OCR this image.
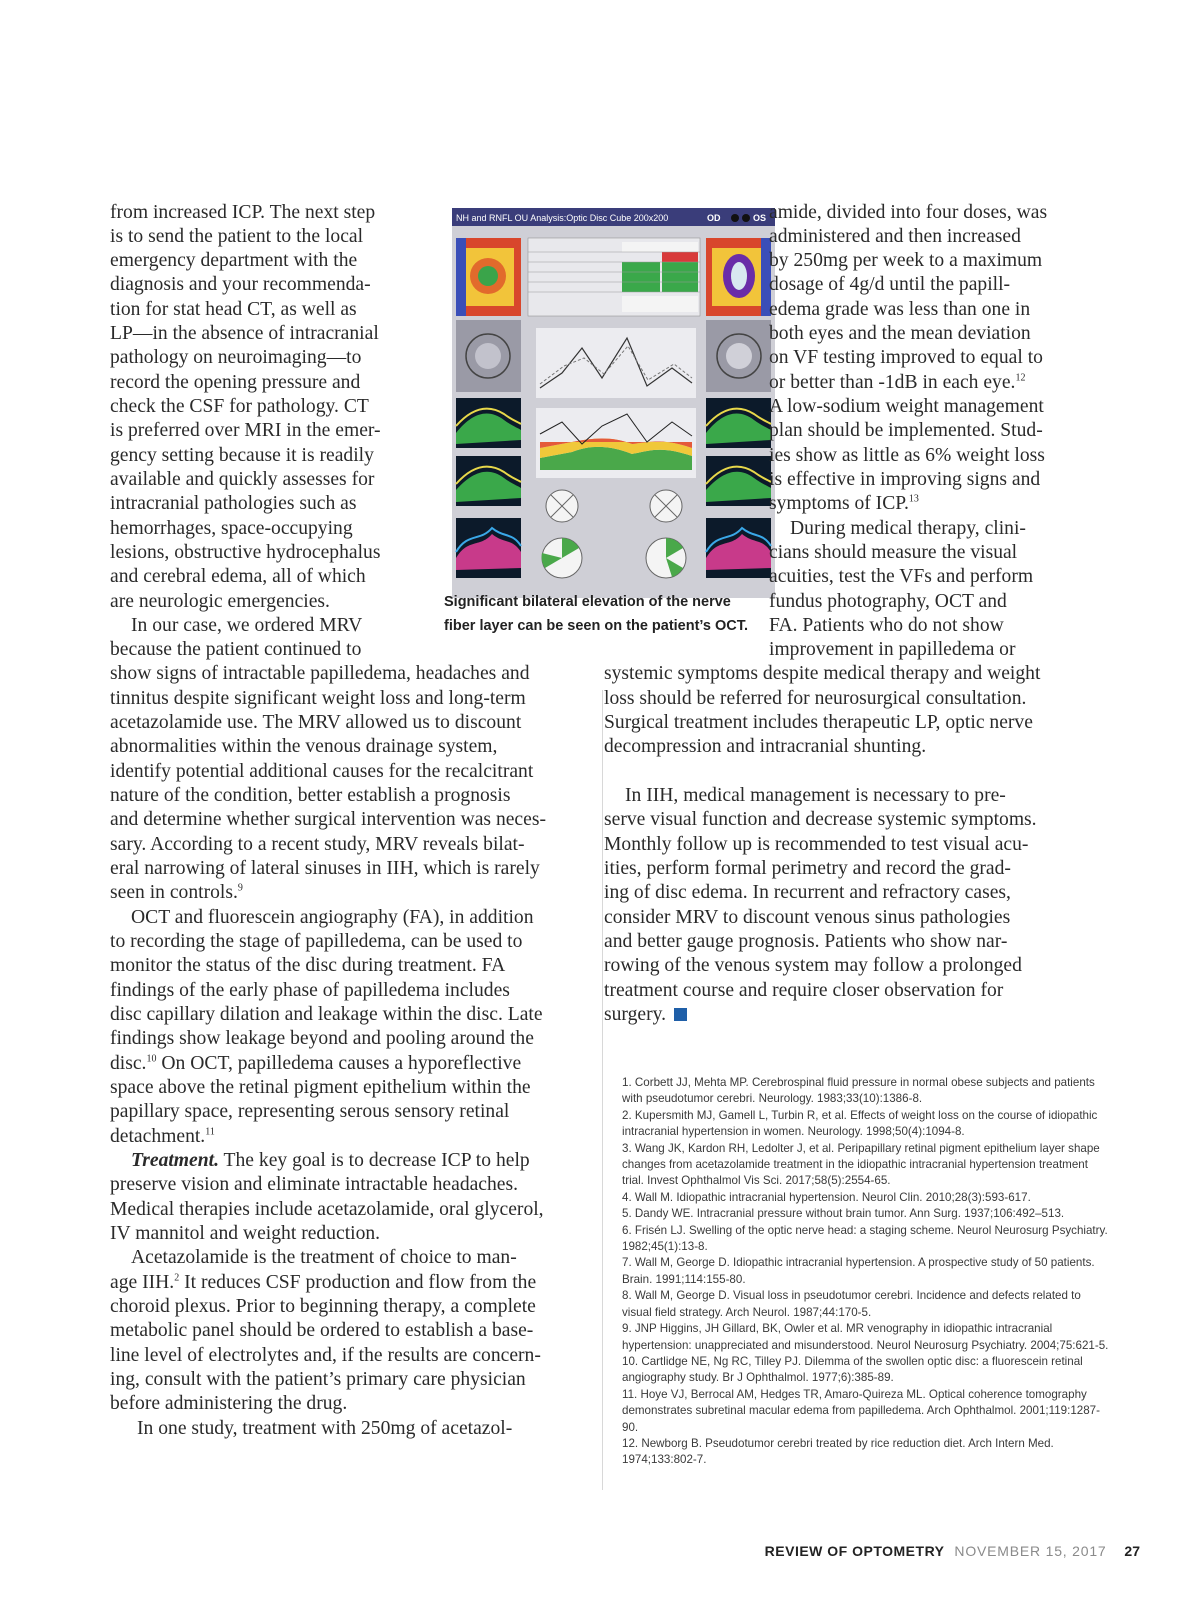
from increased ICP. The next step
is to send the patient to the local
emergency department with the
diagnosis and your recommenda-
tion for stat head CT, as well as
LP—in the absence of intracranial
pathology on neuroimaging—to
record the opening pressure and
check the CSF for pathology. CT
is preferred over MRI in the emer-
gency setting because it is readily
available and quickly assesses for
intracranial pathologies such as
hemorrhages, space-occupying
lesions, obstructive hydrocephalus
and cerebral edema, all of which
are neurologic emergencies.
In our case, we ordered MRV
because the patient continued to
show signs of intractable papilledema, headaches and
tinnitus despite significant weight loss and long-term
acetazolamide use. The MRV allowed us to discount
abnormalities within the venous drainage system,
identify potential additional causes for the recalcitrant
nature of the condition, better establish a prognosis
and determine whether surgical intervention was neces-
sary. According to a recent study, MRV reveals bilat-
eral narrowing of lateral sinuses in IIH, which is rarely
seen in controls.$^9$
OCT and fluorescein angiography (FA), in addition
to recording the stage of papilledema, can be used to
monitor the status of the disc during treatment. FA
findings of the early phase of papilledema includes
disc capillary dilation and leakage within the disc. Late
findings show leakage beyond and pooling around the
disc.$^{10}$ On OCT, papilledema causes a hyporeflective
space above the retinal pigment epithelium within the
papillary space, representing serous sensory retinal
detachment.$^{11}$
Treatment. The key goal is to decrease ICP to help
preserve vision and eliminate intractable headaches.
Medical therapies include acetazolamide, oral glycerol,
IV mannitol and weight reduction.
Acetazolamide is the treatment of choice to man-
age IIH.$^2$ It reduces CSF production and flow from the
choroid plexus. Prior to beginning therapy, a complete
metabolic panel should be ordered to establish a base-
line level of electrolytes and, if the results are concern-
ing, consult with the patient’s primary care physician
before administering the drug.
In one study, treatment with 250mg of acetazol-
NH and RNFL OU Analysis:Optic Disc Cube 200x200	OD	OS
Significant bilateral elevation of the nerve
fiber layer can be seen on the patient’s OCT.
amide, divided into four doses, was
administered and then increased
by 250mg per week to a maximum
dosage of 4g/d until the papill-
edema grade was less than one in
both eyes and the mean deviation
on VF testing improved to equal to
or better than -1dB in each eye.$^{12}$
A low-sodium weight management
plan should be implemented. Stud-
ies show as little as 6% weight loss
is effective in improving signs and
symptoms of ICP.$^{13}$
During medical therapy, clini-
cians should measure the visual
acuities, test the VFs and perform
fundus photography, OCT and
FA. Patients who do not show
improvement in papilledema or
systemic symptoms despite medical therapy and weight
loss should be referred for neurosurgical consultation.
Surgical treatment includes therapeutic LP, optic nerve
decompression and intracranial shunting.
In IIH, medical management is necessary to pre-
serve visual function and decrease systemic symptoms.
Monthly follow up is recommended to test visual acu-
ities, perform formal perimetry and record the grad-
ing of disc edema. In recurrent and refractory cases,
consider MRV to discount venous sinus pathologies
and better gauge prognosis. Patients who show nar-
rowing of the venous system may follow a prolonged
treatment course and require closer observation for
surgery.
1. Corbett JJ, Mehta MP. Cerebrospinal fluid pressure in normal obese subjects and patients with pseudotumor cerebri. Neurology. 1983;33(10):1386-8.
2. Kupersmith MJ, Gamell L, Turbin R, et al. Effects of weight loss on the course of idiopathic intracranial hypertension in women. Neurology. 1998;50(4):1094-8.
3. Wang JK, Kardon RH, Ledolter J, et al. Peripapillary retinal pigment epithelium layer shape changes from acetazolamide treatment in the idiopathic intracranial hypertension treatment trial. Invest Ophthalmol Vis Sci. 2017;58(5):2554-65.
4. Wall M. Idiopathic intracranial hypertension. Neurol Clin. 2010;28(3):593-617.
5. Dandy WE. Intracranial pressure without brain tumor. Ann Surg. 1937;106:492–513.
6. Frisén LJ. Swelling of the optic nerve head: a staging scheme. Neurol Neurosurg Psychiatry. 1982;45(1):13-8.
7. Wall M, George D. Idiopathic intracranial hypertension. A prospective study of 50 patients. Brain. 1991;114:155-80.
8. Wall M, George D. Visual loss in pseudotumor cerebri. Incidence and defects related to visual field strategy. Arch Neurol. 1987;44:170-5.
9. JNP Higgins, JH Gillard, BK, Owler et al. MR venography in idiopathic intracranial hypertension: unappreciated and misunderstood. Neurol Neurosurg Psychiatry. 2004;75:621-5.
10. Cartlidge NE, Ng RC, Tilley PJ. Dilemma of the swollen optic disc: a fluorescein retinal angiography study. Br J Ophthalmol. 1977;6):385-89.
11. Hoye VJ, Berrocal AM, Hedges TR, Amaro-Quireza ML. Optical coherence tomography demonstrates subretinal macular edema from papilledema. Arch Ophthalmol. 2001;119:1287-90.
12. Newborg B. Pseudotumor cerebri treated by rice reduction diet. Arch Intern Med. 1974;133:802-7.
REVIEW OF OPTOMETRY NOVEMBER 15, 2017 27
